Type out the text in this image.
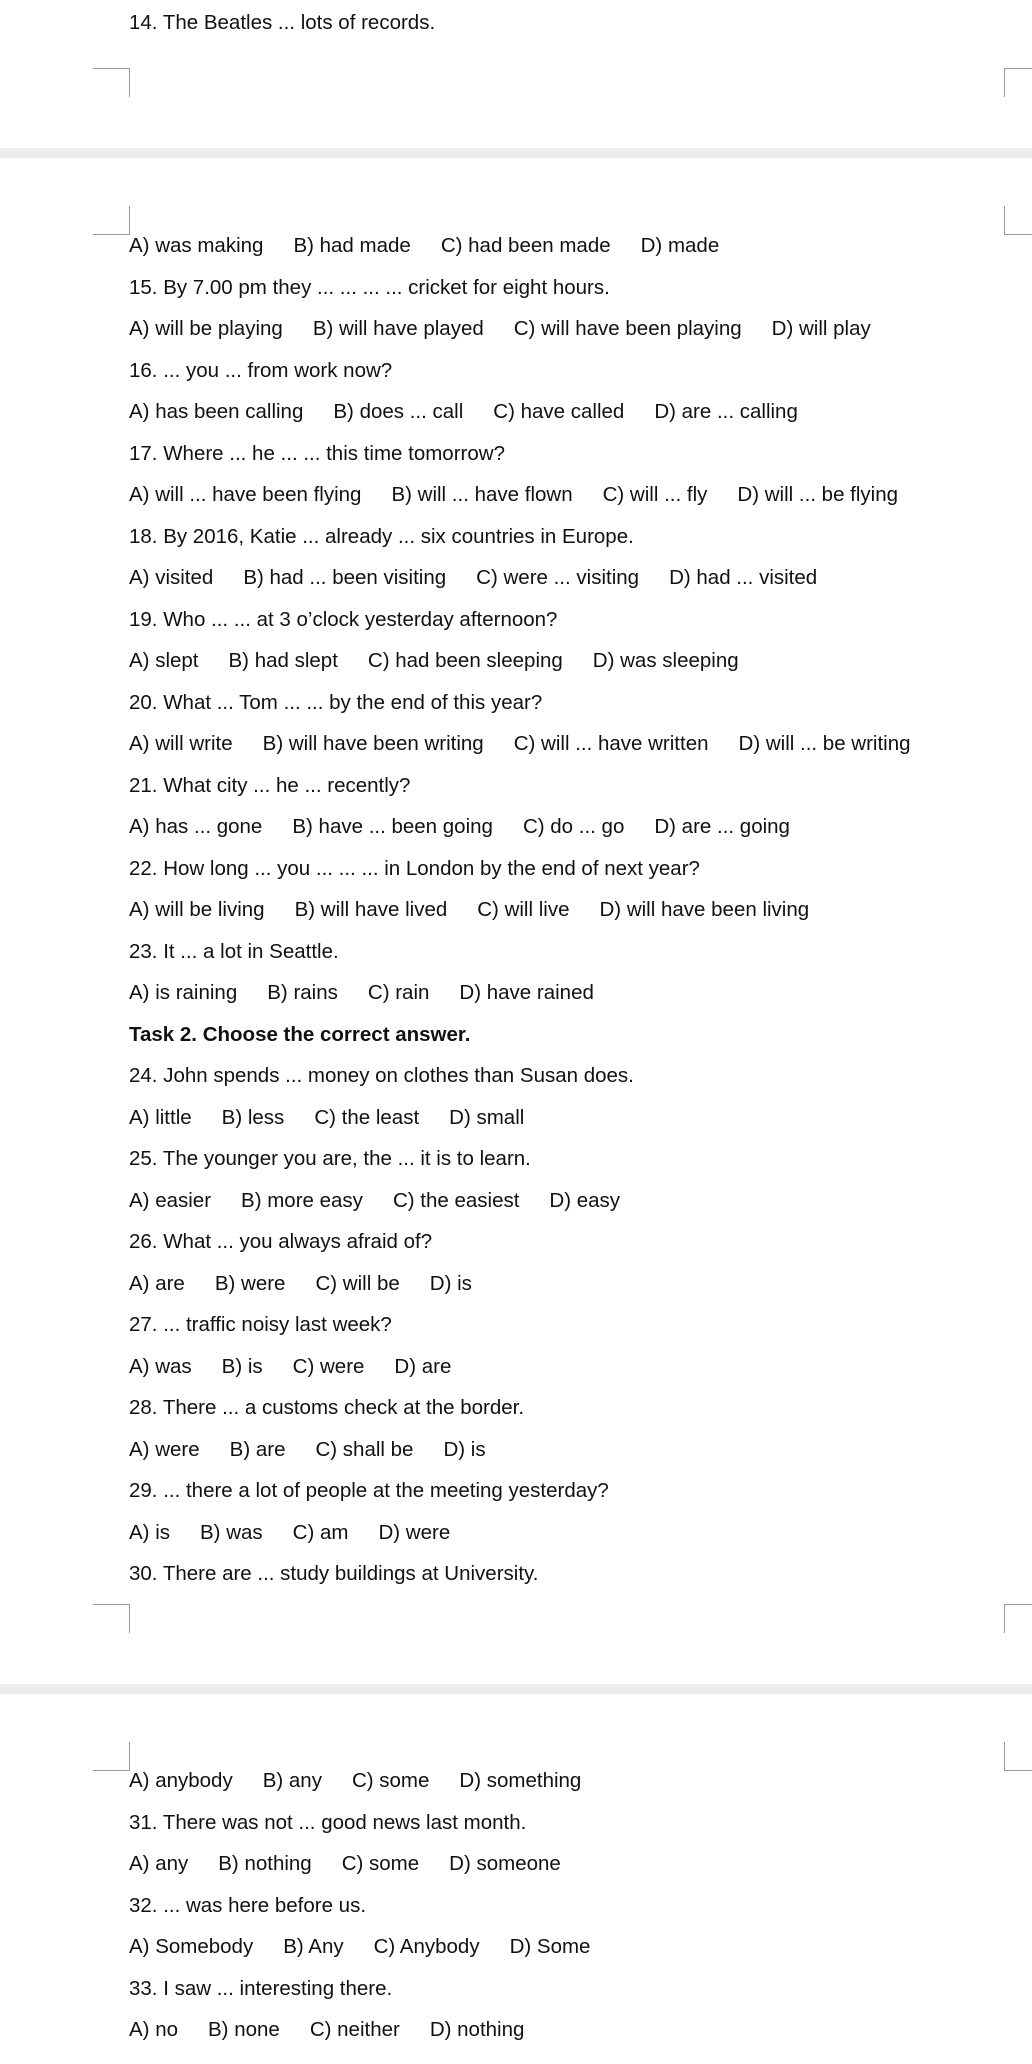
14. The Beatles ... lots of records.
A) was making B) had made C) had been made D) made
15. By 7.00 pm they ... ... ... ... cricket for eight hours.
A) will be playing B) will have played C) will have been playing D) will play
16. ... you ... from work now?
A) has been calling B) does ... call C) have called D) are ... calling
17. Where ... he ... ... this time tomorrow?
A) will ... have been flying B) will ... have flown C) will ... fly D) will ... be flying
18. By 2016, Katie ... already ... six countries in Europe.
A) visited B) had ... been visiting C) were ... visiting D) had ... visited
19. Who ... ... at 3 o’clock yesterday afternoon?
A) slept B) had slept C) had been sleeping D) was sleeping
20. What ... Tom ... ... by the end of this year?
A) will write B) will have been writing C) will ... have written D) will ... be writing
21. What city ... he ... recently?
A) has ... gone B) have ... been going C) do ... go D) are ... going
22. How long ... you ... ... ... in London by the end of next year?
A) will be living B) will have lived C) will live D) will have been living
23. It ... a lot in Seattle.
A) is raining B) rains C) rain D) have rained
Task 2. Choose the correct answer.
24. John spends ... money on clothes than Susan does.
A) little B) less C) the least D) small
25. The younger you are, the ... it is to learn.
A) easier B) more easy C) the easiest D) easy
26. What ... you always afraid of?
A) are B) were C) will be D) is
27. ... traffic noisy last week?
A) was B) is C) were D) are
28. There ... a customs check at the border.
A) were B) are C) shall be D) is
29. ... there a lot of people at the meeting yesterday?
A) is B) was C) am D) were
30. There are ... study buildings at University.
A) anybody B) any C) some D) something
31. There was not ... good news last month.
A) any B) nothing C) some D) someone
32. ... was here before us.
A) Somebody B) Any C) Anybody D) Some
33. I saw ... interesting there.
A) no B) none C) neither D) nothing
